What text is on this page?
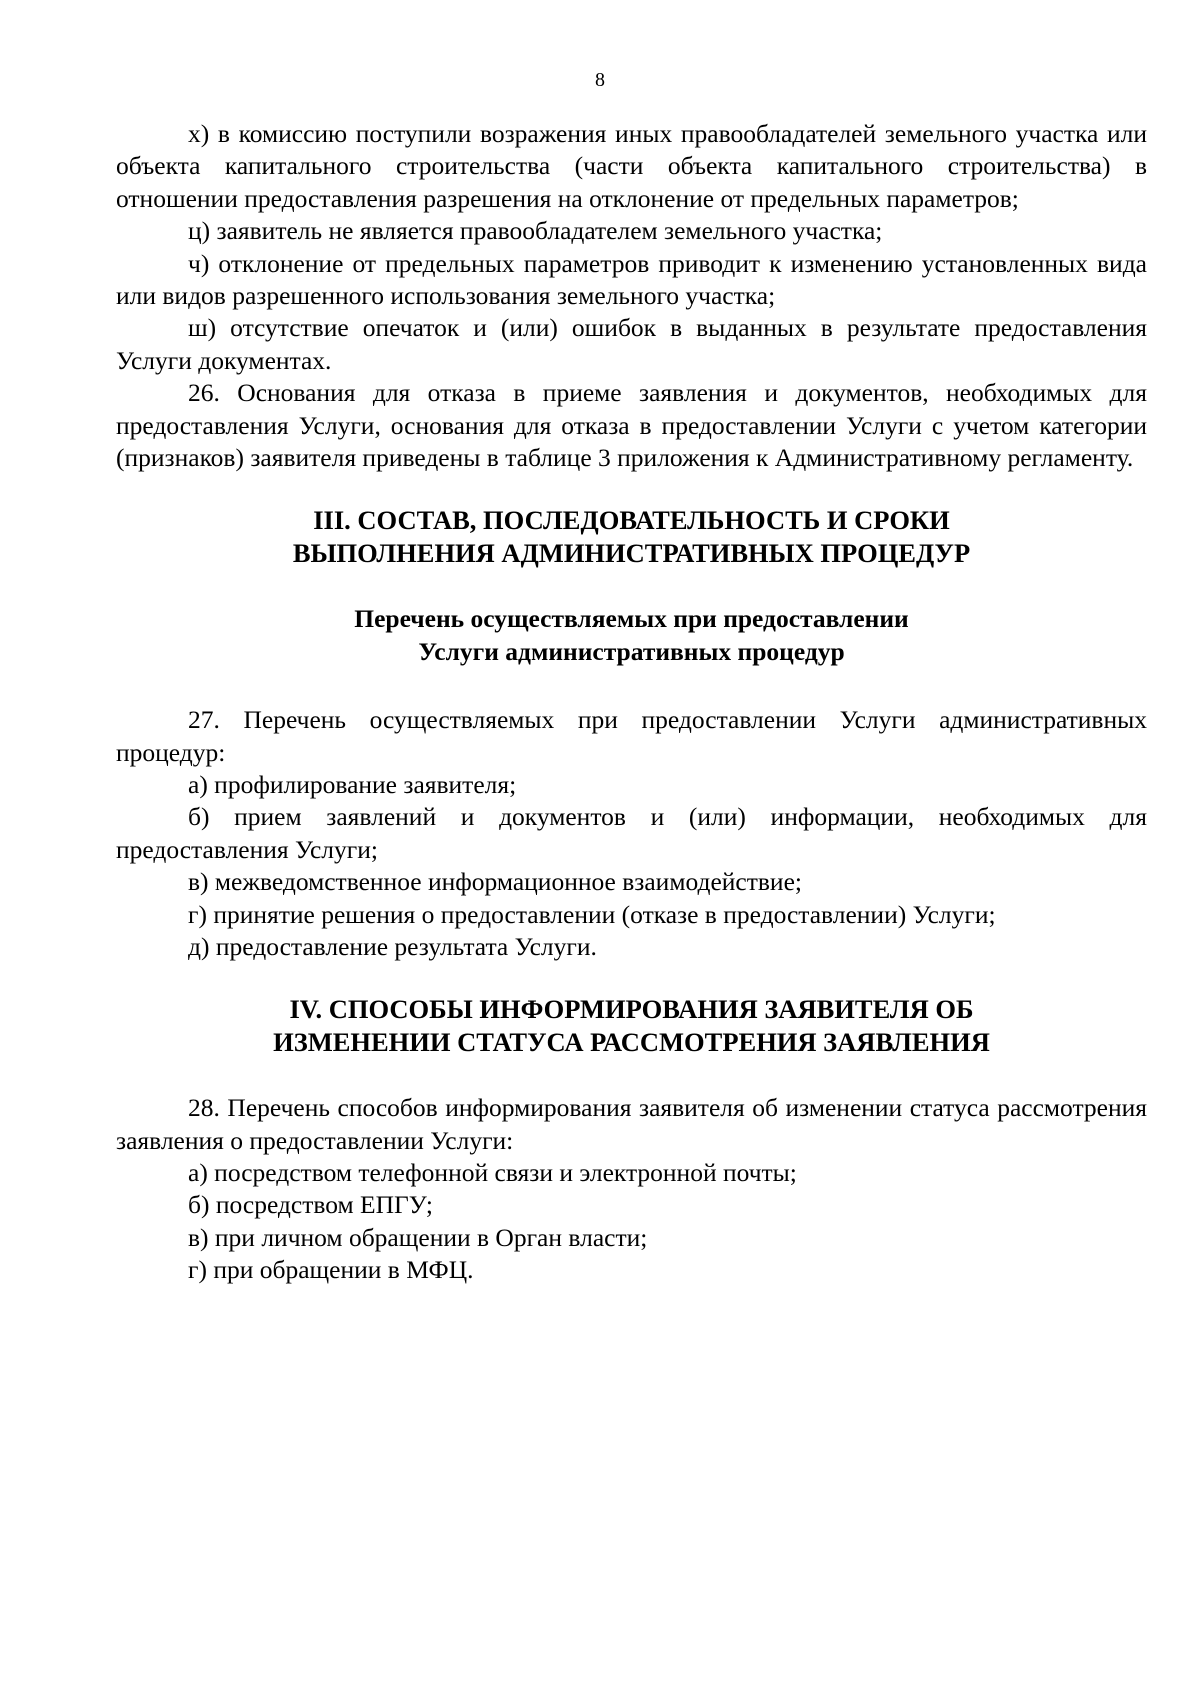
8

х) в комиссию поступили возражения иных правообладателей земельного участка или объекта капитального строительства (части объекта капитального строительства) в отношении предоставления разрешения на отклонение от предельных параметров;

ц) заявитель не является правообладателем земельного участка;

ч) отклонение от предельных параметров приводит к изменению установленных вида или видов разрешенного использования земельного участка;

ш) отсутствие опечаток и (или) ошибок в выданных в результате предоставления Услуги документах.

26. Основания для отказа в приеме заявления и документов, необходимых для предоставления Услуги, основания для отказа в предоставлении Услуги с учетом категории (признаков) заявителя приведены в таблице 3 приложения к Административному регламенту.

III. СОСТАВ, ПОСЛЕДОВАТЕЛЬНОСТЬ И СРОКИ
ВЫПОЛНЕНИЯ АДМИНИСТРАТИВНЫХ ПРОЦЕДУР
Перечень осуществляемых при предоставлении
Услуги административных процедур

27. Перечень осуществляемых при предоставлении Услуги административных процедур:

а) профилирование заявителя;

б) прием заявлений и документов и (или) информации, необходимых для предоставления Услуги;

в) межведомственное информационное взаимодействие;

г) принятие решения о предоставлении (отказе в предоставлении) Услуги;

д) предоставление результата Услуги.

IV. СПОСОБЫ ИНФОРМИРОВАНИЯ ЗАЯВИТЕЛЯ ОБ
ИЗМЕНЕНИИ СТАТУСА РАССМОТРЕНИЯ ЗАЯВЛЕНИЯ

28. Перечень способов информирования заявителя об изменении статуса рассмотрения заявления о предоставлении Услуги:

а) посредством телефонной связи и электронной почты;

б) посредством ЕПГУ;

в) при личном обращении в Орган власти;

г) при обращении в МФЦ.
